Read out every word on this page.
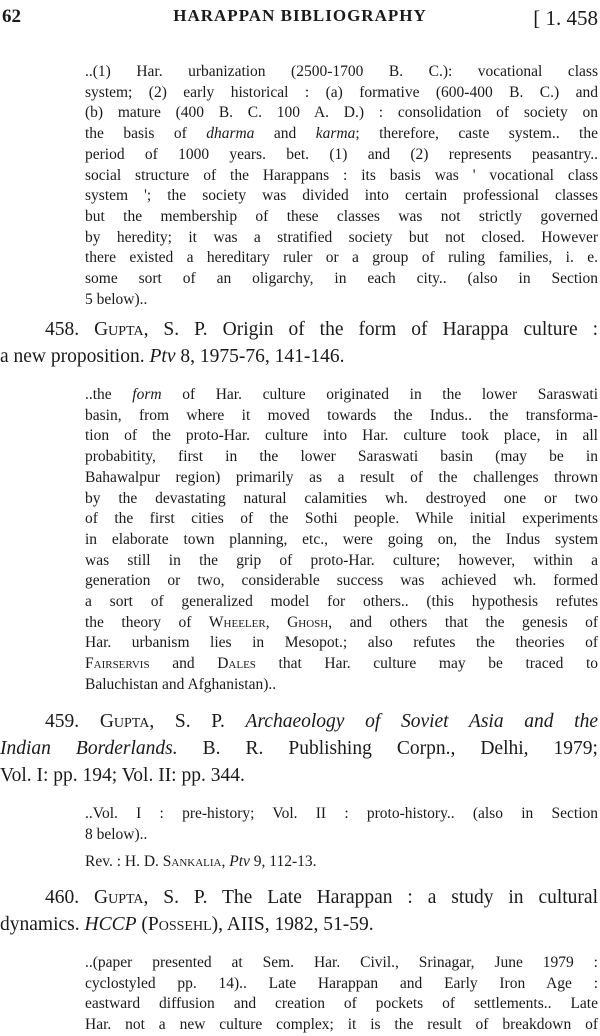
62	HARAPPAN BIBLIOGRAPHY	[ 1. 458
..(1) Har. urbanization (2500-1700 B. C.): vocational class
system; (2) early historical : (a) formative (600-400 B. C.) and
(b) mature (400 B. C. 100 A. D.) : consolidation of society on
the basis of dharma and karma; therefore, caste system.. the
period of 1000 years. bet. (1) and (2) represents peasantry..
social structure of the Harappans : its basis was ' vocational class
system '; the society was divided into certain professional classes
but the membership of these classes was not strictly governed
by heredity; it was a stratified society but not closed. However
there existed a hereditary ruler or a group of ruling families, i. e.
some sort of an oligarchy, in each city.. (also in Section
5 below)..
458. Gupta, S. P. Origin of the form of Harappa culture :
a new proposition. Ptv 8, 1975-76, 141-146.
..the form of Har. culture originated in the lower Saraswati
basin, from where it moved towards the Indus.. the transforma-
tion of the proto-Har. culture into Har. culture took place, in all
probabitity, first in the lower Saraswati basin (may be in
Bahawalpur region) primarily as a result of the challenges thrown
by the devastating natural calamities wh. destroyed one or two
of the first cities of the Sothi people. While initial experiments
in elaborate town planning, etc., were going on, the Indus system
was still in the grip of proto-Har. culture; however, within a
generation or two, considerable success was achieved wh. formed
a sort of generalized model for others.. (this hypothesis refutes
the theory of Wheeler, Ghosh, and others that the genesis of
Har. urbanism lies in Mesopot.; also refutes the theories of
Fairservis and Dales that Har. culture may be traced to
Baluchistan and Afghanistan)..
459. Gupta, S. P. Archaeology of Soviet Asia and the
Indian Borderlands. B. R. Publishing Corpn., Delhi, 1979;
Vol. I: pp. 194; Vol. II: pp. 344.
..Vol. I : pre-history; Vol. II : proto-history.. (also in Section
8 below)..
Rev. : H. D. Sankalia, Ptv 9, 112-13.
460. Gupta, S. P. The Late Harappan : a study in cultural
dynamics. HCCP (Possehl), AIIS, 1982, 51-59.
..(paper presented at Sem. Har. Civil., Srinagar, June 1979 :
cyclostyled pp. 14).. Late Harappan and Early Iron Age :
eastward diffusion and creation of pockets of settlements.. Late
Har. not a new culture complex; it is the result of breakdown of
